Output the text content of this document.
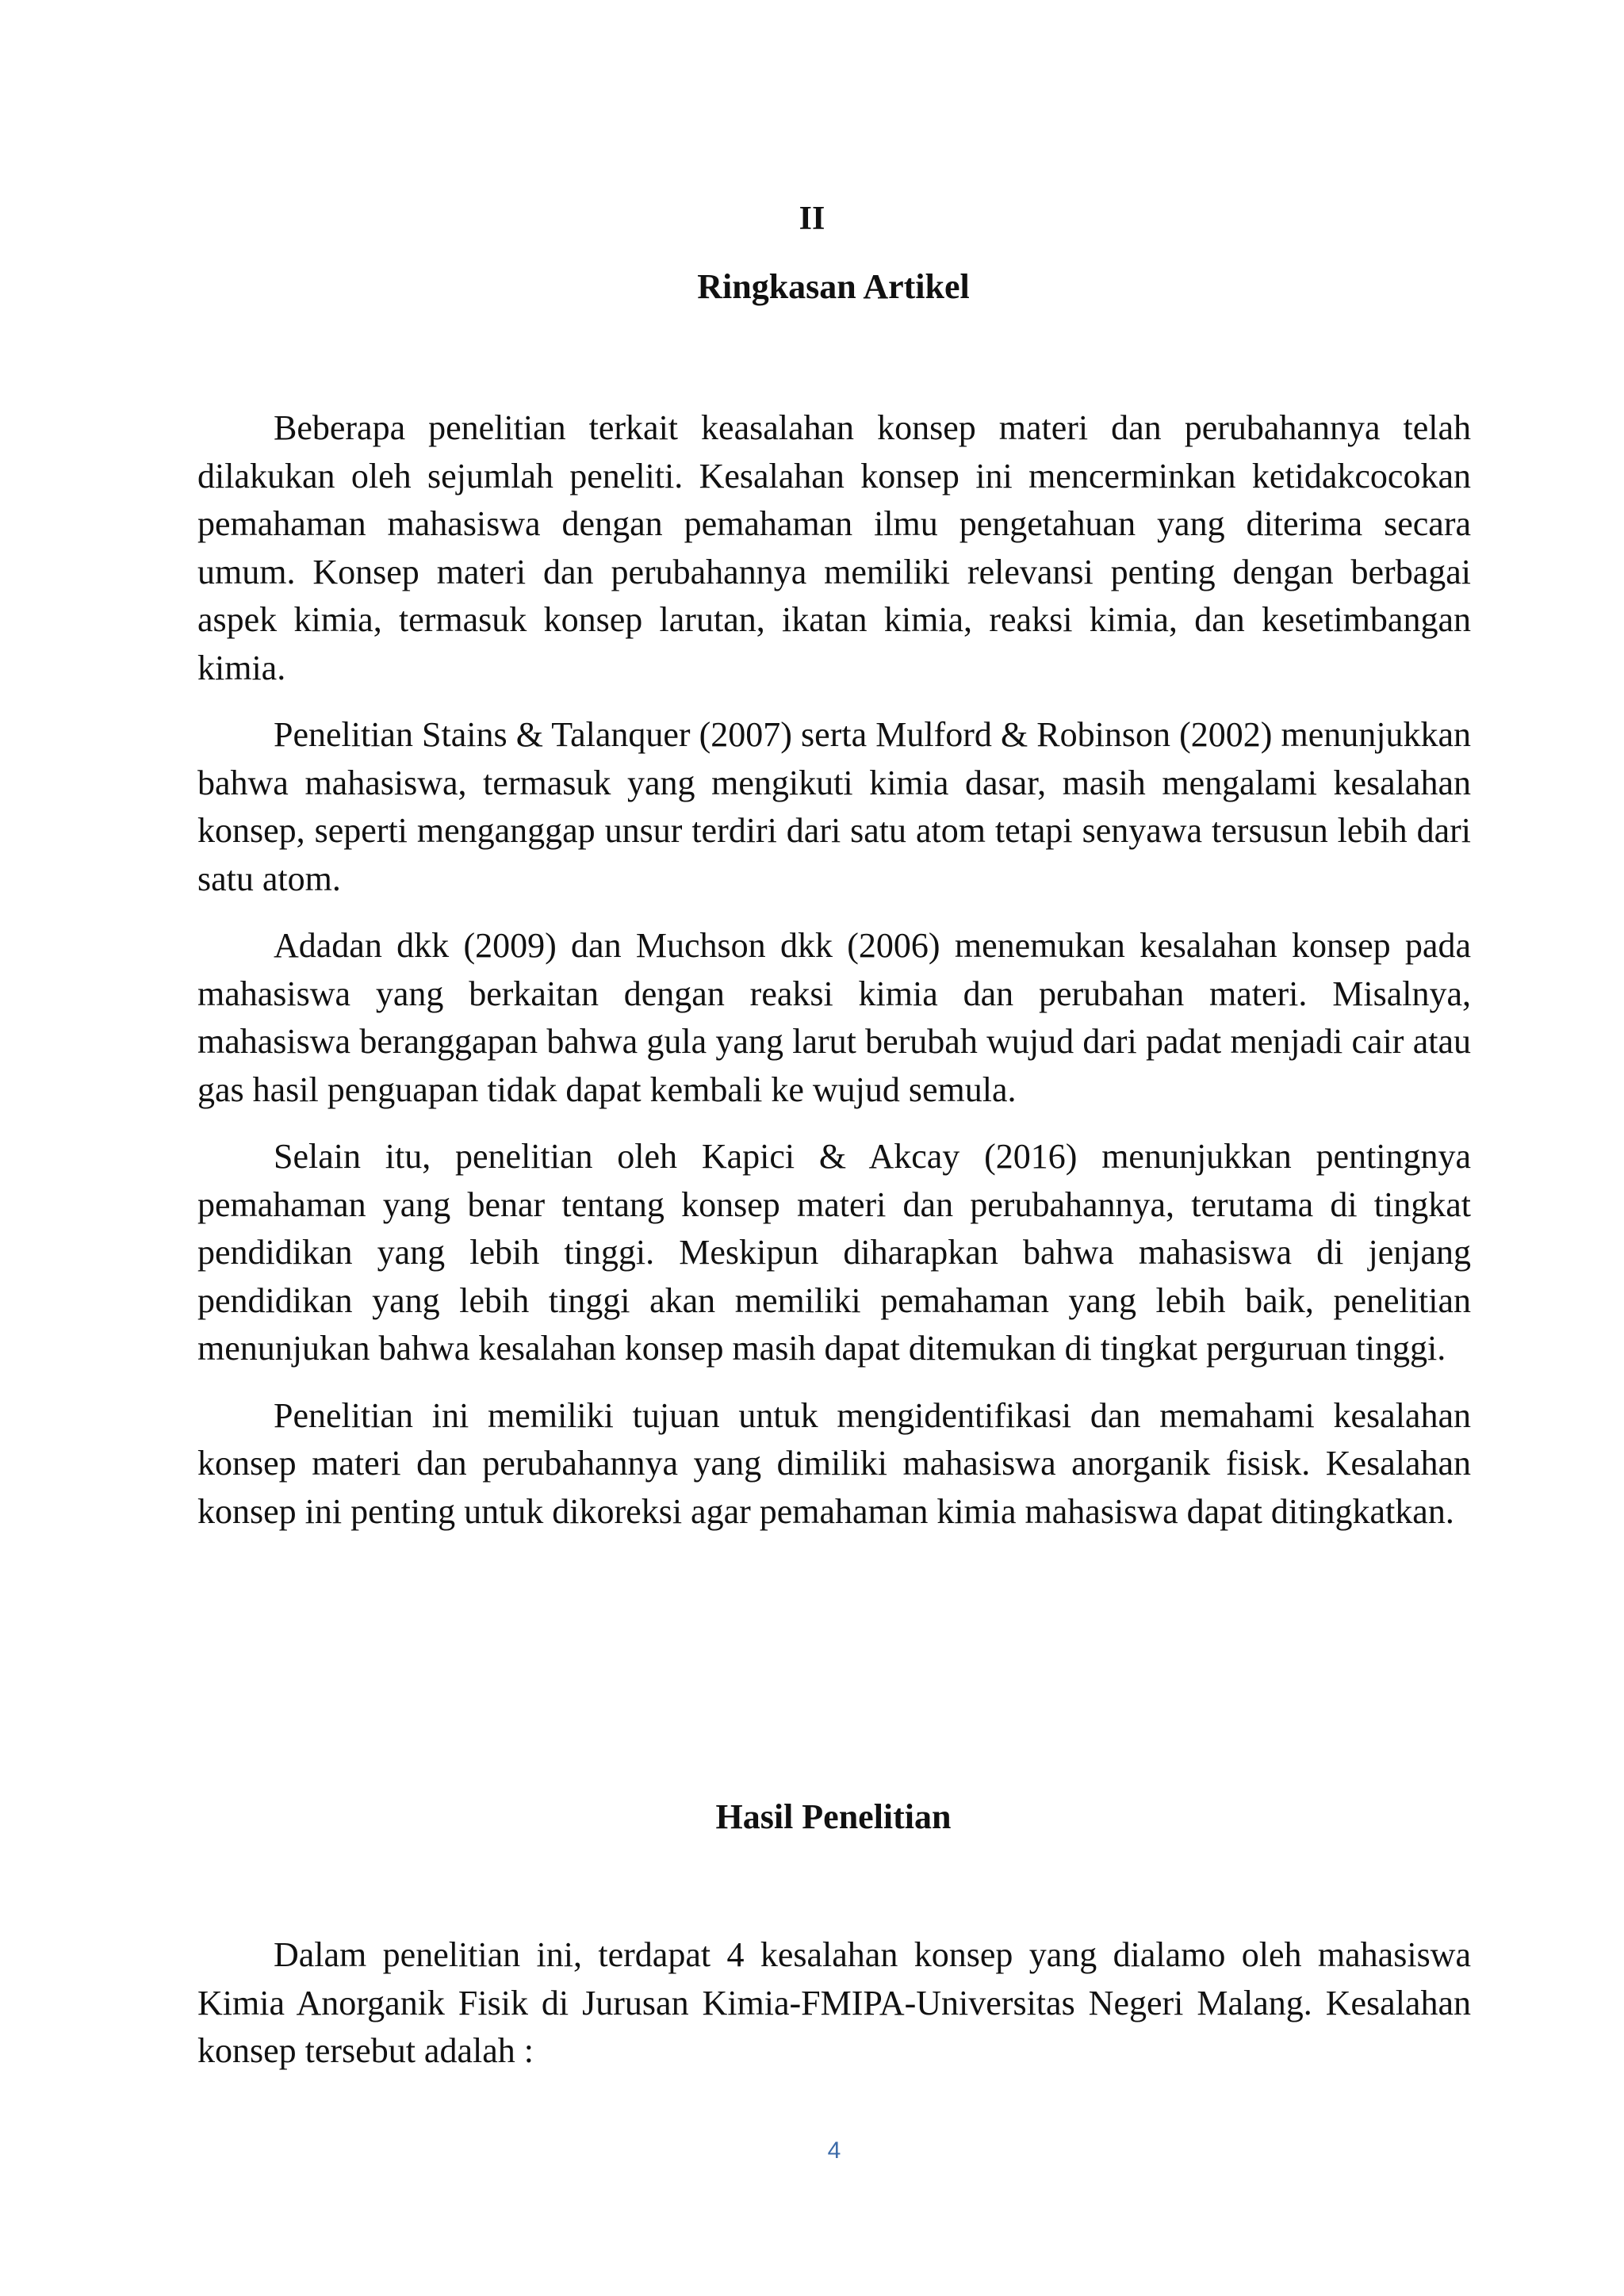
II
Ringkasan Artikel

Beberapa penelitian terkait keasalahan konsep materi dan perubahannya telah dilakukan oleh sejumlah peneliti. Kesalahan konsep ini mencerminkan ketidakcocokan pemahaman mahasiswa dengan pemahaman ilmu pengetahuan yang diterima secara umum. Konsep materi dan perubahannya memiliki relevansi penting dengan berbagai aspek kimia, termasuk konsep larutan, ikatan kimia, reaksi kimia, dan kesetimbangan kimia.

Penelitian Stains & Talanquer (2007) serta Mulford & Robinson (2002) menunjukkan bahwa mahasiswa, termasuk yang mengikuti kimia dasar, masih mengalami kesalahan konsep, seperti menganggap unsur terdiri dari satu atom tetapi senyawa tersusun lebih dari satu atom.

Adadan dkk (2009) dan Muchson dkk (2006) menemukan kesalahan konsep pada mahasiswa yang berkaitan dengan reaksi kimia dan perubahan materi. Misalnya, mahasiswa beranggapan bahwa gula yang larut berubah wujud dari padat menjadi cair atau gas hasil penguapan tidak dapat kembali ke wujud semula.

Selain itu, penelitian oleh Kapici & Akcay (2016) menunjukkan pentingnya pemahaman yang benar tentang konsep materi dan perubahannya, terutama di tingkat pendidikan yang lebih tinggi. Meskipun diharapkan bahwa mahasiswa di jenjang pendidikan yang lebih tinggi akan memiliki pemahaman yang lebih baik, penelitian menunjukan bahwa kesalahan konsep masih dapat ditemukan di tingkat perguruan tinggi.

Penelitian ini memiliki tujuan untuk mengidentifikasi dan memahami kesalahan konsep materi dan perubahannya yang dimiliki mahasiswa anorganik fisisk. Kesalahan konsep ini penting untuk dikoreksi agar pemahaman kimia mahasiswa dapat ditingkatkan.

Hasil Penelitian

Dalam penelitian ini, terdapat 4 kesalahan konsep yang dialamo oleh mahasiswa Kimia Anorganik Fisik di Jurusan Kimia-FMIPA-Universitas Negeri Malang. Kesalahan konsep tersebut adalah :

4
